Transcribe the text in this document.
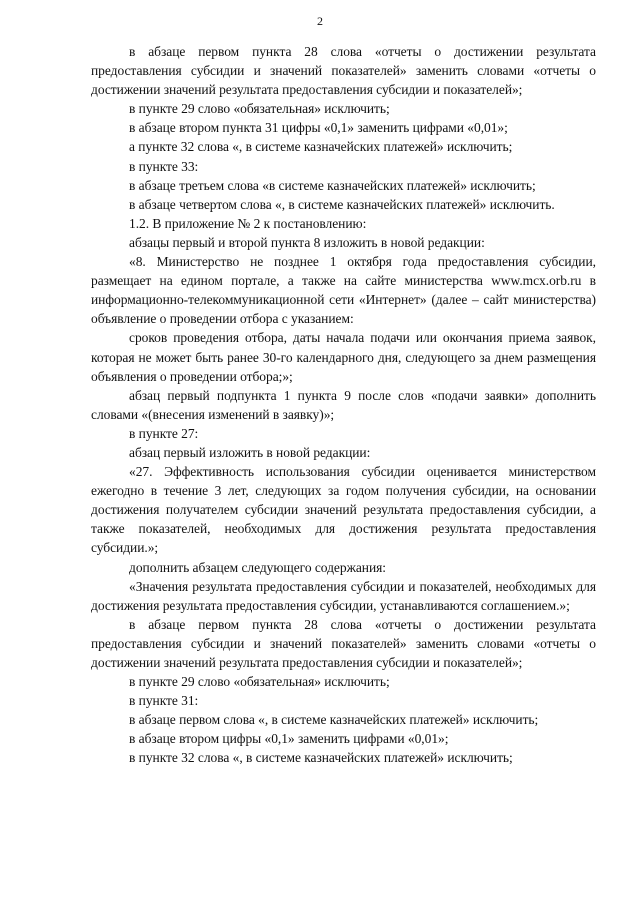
2

в абзаце первом пункта 28 слова «отчеты о достижении результата предоставления субсидии и значений показателей» заменить словами «отчеты о достижении значений результата предоставления субсидии и показателей»;

в пункте 29 слово «обязательная» исключить;

в абзаце втором пункта 31 цифры «0,1» заменить цифрами «0,01»;

а пункте 32 слова «, в системе казначейских платежей» исключить;

в пункте 33:

в абзаце третьем слова «в системе казначейских платежей» исключить;

в абзаце четвертом слова «, в системе казначейских платежей» исключить.

1.2. В приложение № 2 к постановлению:

абзацы первый и второй пункта 8 изложить в новой редакции:

«8. Министерство не позднее 1 октября года предоставления субсидии, размещает на едином портале, а также на сайте министерства www.mcx.orb.ru в информационно-телекоммуникационной сети «Интернет» (далее – сайт министерства) объявление о проведении отбора с указанием:

сроков проведения отбора, даты начала подачи или окончания приема заявок, которая не может быть ранее 30-го календарного дня, следующего за днем размещения объявления о проведении отбора;»;

абзац первый подпункта 1 пункта 9 после слов «подачи заявки» дополнить словами «(внесения изменений в заявку)»;

в пункте 27:

абзац первый изложить в новой редакции:

«27. Эффективность использования субсидии оценивается министерством ежегодно в течение 3 лет, следующих за годом получения субсидии, на основании достижения получателем субсидии значений результата предоставления субсидии, а также показателей, необходимых для достижения результата предоставления субсидии.»;

дополнить абзацем следующего содержания:

«Значения результата предоставления субсидии и показателей, необходимых для достижения результата предоставления субсидии, устанавливаются соглашением.»;

в абзаце первом пункта 28 слова «отчеты о достижении результата предоставления субсидии и значений показателей» заменить словами «отчеты о достижении значений результата предоставления субсидии и показателей»;

в пункте 29 слово «обязательная» исключить;

в пункте 31:

в абзаце первом слова «, в системе казначейских платежей» исключить;

в абзаце втором цифры «0,1» заменить цифрами «0,01»;

в пункте 32 слова «, в системе казначейских платежей» исключить;
